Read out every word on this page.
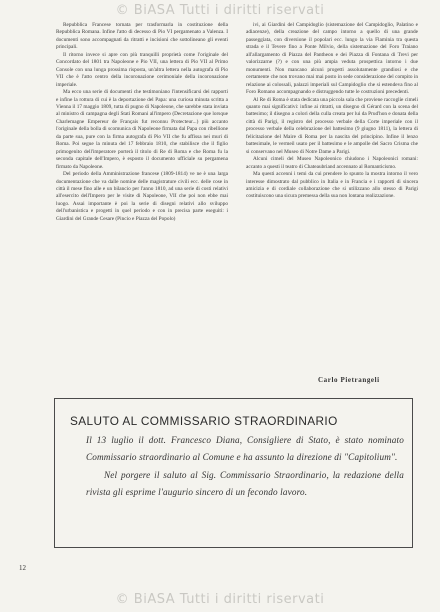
© BiASA Tutti i diritti riservati

Repubblica Francese tornata per trasformarla in costituzione della Repubblica Romana. Infine l'atto di decesso di Pio VI pergamenato a Valenza. I documenti sono accompagnati da ritratti e incisioni che sottolineano gli eventi principali.

Il ritorno invece si apre con più tranquilli proprietà come l'originale del Concordato del 1801 tra Napoleone e Pio VII, una lettera di Pio VII al Primo Console con una lunga prossima risposta, un'altra lettera nella autografa di Pio VII che è l'atto centro della incoronazione cerimoniale della incoronazione imperiale.

Ma ecco una serie di documenti che testimoniano l'intensificarsi dei rapporti e infine la rottura di cui è la deportazione del Papa: una curiosa minuta scritta a Vienna il 17 maggio 1809, tutta di pugno di Napoleone, che sarebbe stata inviata al ministro di campagna degli Stati Romani all'impero (Decretazione que lorsque Charlemagne Empereur de Français fut reconnu Protecteur...) più accanto l'originale della bolla di scomunica di Napoleone firmata dal Papa con ribellione da parte sua, pure con la firma autografa di Pio VII che fu affissa nei muri di Roma. Poi segue la minuta del 17 febbraio 1810, che stabilisce che il figlio primogenito dell'imperatore porterà il titolo di Re di Roma e che Roma fu la seconda capitale dell'Impero, è esposto il documento ufficiale su pergamena firmato da Napoleone.

Del periodo della Amministrazione francese (1809-1814) ve ne è una larga documentazione che va dalle nomine delle magistrature civili ecc. delle cose in città il mese fino alle e un bilancio per l'anno 1810, ad una serie di costi relativi all'esercito dell'Impero per le visite di Napoleone, VII che poi non ebbe mai luogo. Assai importante è poi la serie di disegni relativi allo sviluppo dell'urbanistica e progetti in quel periodo e con in precisa parte eseguiti: i Giardini del Grande Cesare (Pincio e Piazza del Popolo)

ivi, ai Giardini del Campidoglio (sistemazione del Campidoglio, Palatino e adiacenze), della creazione del campo intorno a quello di una grande passeggiata, con diversione il popolari ecc. lungo la via Flaminia tra questa strada e il Tevere fino a Ponte Milvio, della sistemazione del Foro Traiano all'allargamento di Piazza del Pantheon e dei Piazza di Fontana di Trevi per valorizzarne (?) e con una più ampia veduta prospettica intorno i due monumenti. Non mancano alcuni progetti assolutamente grandiosi e che certamente che non trovano mai mai posto in sede considerazione del compito in relazione ai colossali, palazzi imperiali sul Campidoglio che si estendeva fino al Foro Romano accompagnando e distruggendo tutte le costruzioni precedenti.

Al Re di Roma è stata dedicata una piccola sala che proviene raccoglie cimeli quanto mai significativi: infine ai ritratti, un disegno di Gérard con la scena del battesimo; il disegno a colori della culla creata per lui da Prud'hon e donata della città di Parigi, il registro del processo verbale della Corte imperiale con il processo verbale della celebrazione del battesimo (9 giugno 1811), la lettera di felicitazione del Maire di Roma per la nascita del principino. Infine il lenzo battesimale, le vermeil usato per il battesimo e le ampolle del Sacro Crisma che si conservano nel Museo di Notre Dame a Parigi.

Alcuni cimeli del Museo Napoleonico chiudono i Napoleonici romani: accanto a questi il teatro di Chateaubriand accennato al Romanticismo.

Ma questi accenni i temi da cui prendere lo spunto la mostra intorno il vero interesse dimostrato dal pubblico in Italia e in Francia e i rapporti di sincera amicizia e di cordiale collaborazione che si utilizzano allo stesso di Parigi costituiscono una sicura premessa della sua non lontana realizzazione.

Carlo Pietrangeli
SALUTO AL COMMISSARIO STRAORDINARIO

Il 13 luglio il dott. Francesco Diana, Consigliere di Stato, è stato nominato Commissario straordinario al Comune e ha assunto la direzione di "Capitolium".

Nel porgere il saluto al Sig. Commissario Straordinario, la redazione della rivista gli esprime l'augurio sincero di un fecondo lavoro.

12
© BiASA Tutti i diritti riservati
